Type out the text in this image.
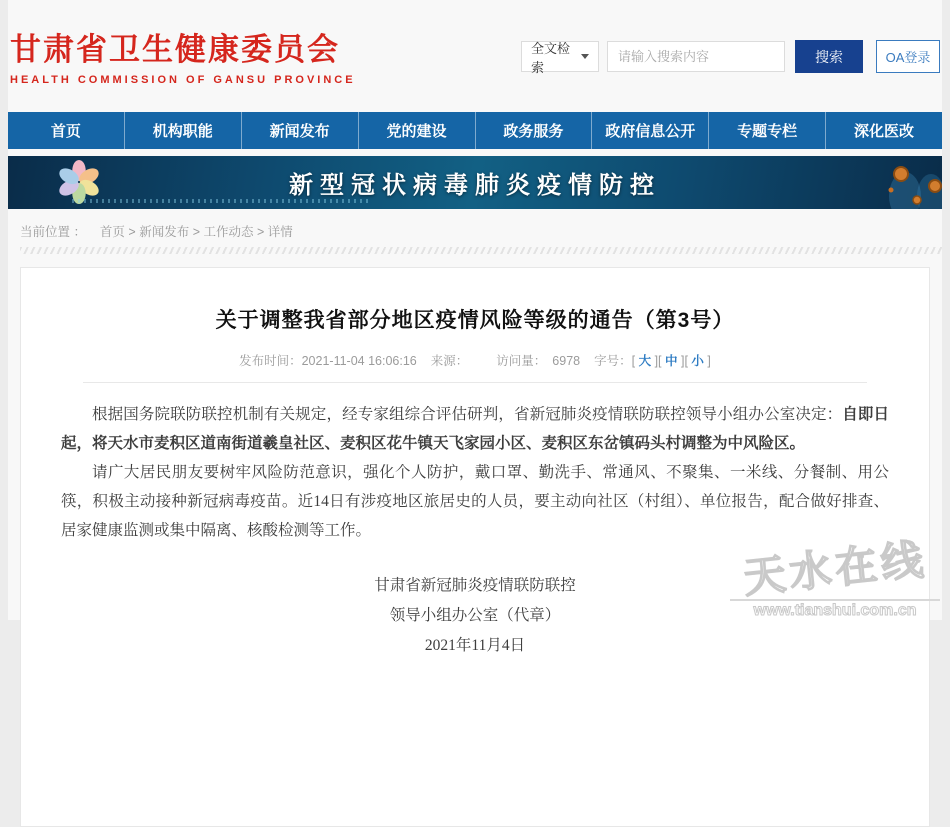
甘肃省卫生健康委员会
HEALTH COMMISSION OF GANSU PROVINCE
全文检索
请输入搜索内容
搜索	OA登录
首页	机构职能	新闻发布	党的建设	政务服务	政府信息公开	专题专栏	深化医改
新型冠状病毒肺炎疫情防控
当前位置 ： 首页 > 新闻发布 > 工作动态 > 详情
关于调整我省部分地区疫情风险等级的通告（第3号）
发布时间：2021-11-04 16:06:16 来源： 访问量： 6978 字号：[ 大 ][ 中 ][ 小 ]

根据国务院联防联控机制有关规定，经专家组综合评估研判，省新冠肺炎疫情联防联控领导小组办公室决定：自即日起，将天水市麦积区道南街道羲皇社区、麦积区花牛镇天飞家园小区、麦积区东岔镇码头村调整为中风险区。

请广大居民朋友要树牢风险防范意识，强化个人防护，戴口罩、勤洗手、常通风、不聚集、一米线、分餐制、用公筷，积极主动接种新冠病毒疫苗。近14日有涉疫地区旅居史的人员，要主动向社区（村组）、单位报告，配合做好排查、居家健康监测或集中隔离、核酸检测等工作。

甘肃省新冠肺炎疫情联防联控
领导小组办公室（代章）
2021年11月4日
天水在线
www.tianshui.com.cn
